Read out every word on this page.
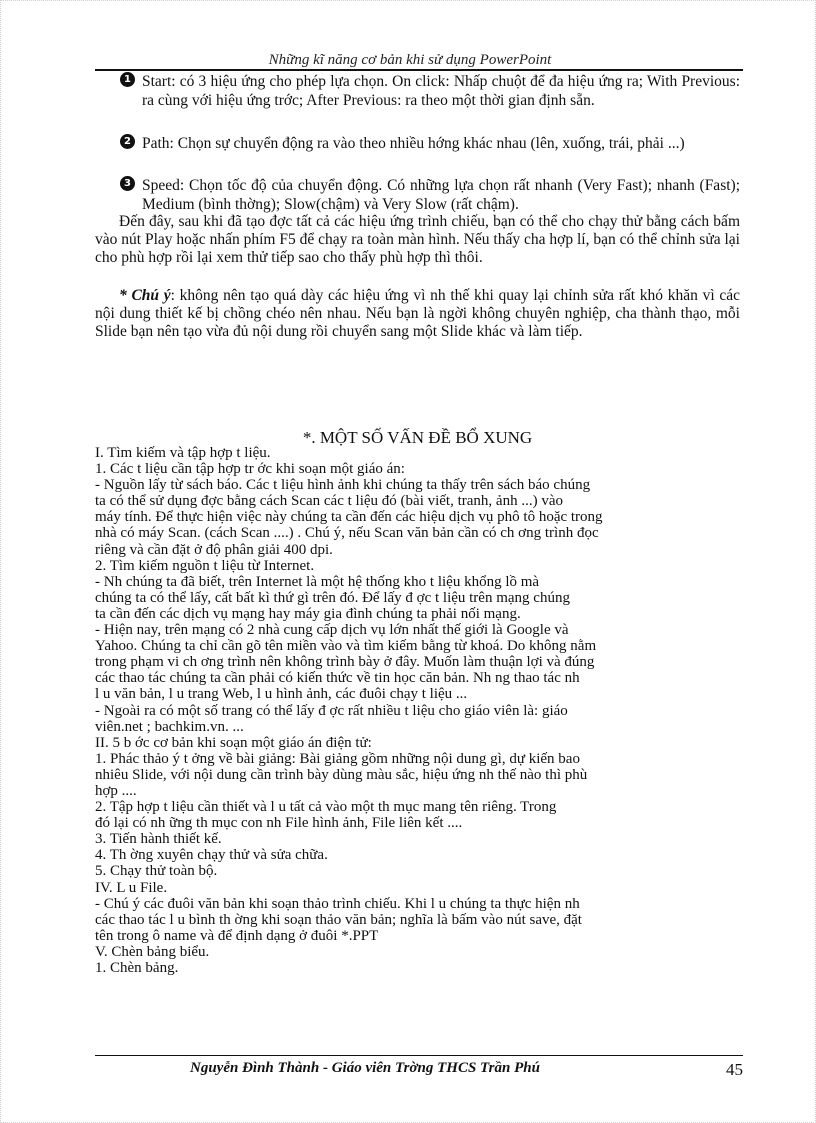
Những kĩ năng cơ bản khi sử dụng PowerPoint
1 Start: có 3 hiệu ứng cho phép lựa chọn. On click: Nhấp chuột để đa hiệu ứng ra; With Previous: ra cùng với hiệu ứng trớc; After Previous: ra theo một thời gian định sẵn.
2 Path: Chọn sự chuyển động ra vào theo nhiều hớng khác nhau (lên, xuống, trái, phải ...)
3 Speed: Chọn tốc độ của chuyển động. Có những lựa chọn rất nhanh (Very Fast); nhanh (Fast); Medium (bình thờng); Slow(chậm) và Very Slow (rất chậm).
Đến đây, sau khi đã tạo đợc tất cả các hiệu ứng trình chiếu, bạn có thể cho chạy thử bằng cách bấm vào nút Play hoặc nhấn phím F5 để chạy ra toàn màn hình. Nếu thấy cha hợp lí, bạn có thể chỉnh sửa lại cho phù hợp rồi lại xem thử tiếp sao cho thấy phù hợp thì thôi.
* Chú ý: không nên tạo quá dày các hiệu ứng vì nh thế khi quay lại chỉnh sửa rất khó khăn vì các nội dung thiết kế bị chồng chéo nên nhau. Nếu bạn là ngời không chuyên nghiệp, cha thành thạo, mỗi Slide bạn nên tạo vừa đủ nội dung rồi chuyển sang một Slide khác và làm tiếp.
*. MỘT SỐ VẤN ĐỀ BỔ XUNG
I. Tìm kiếm và tập hợp t liệu.
1. Các t liệu cần tập hợp tr ớc khi soạn một giáo án:
- Nguồn lấy từ sách báo. Các t liệu hình ảnh khi chúng ta thấy trên sách báo chúng
ta có thể sử dụng đợc bằng cách Scan các t liệu đó (bài viết, tranh, ảnh ...) vào
máy tính. Để thực hiện việc này chúng ta cần đến các hiệu dịch vụ phô tô hoặc trong
nhà có máy Scan. (cách Scan ....) . Chú ý, nếu Scan văn bản cần có ch ơng trình đọc
riêng và cần đặt ở độ phân giải 400 dpi.
2. Tìm kiếm nguồn t liệu từ Internet.
- Nh chúng ta đã biết, trên Internet là một hệ thống kho t liệu khổng lồ mà
chúng ta có thể lấy, cất bất kì thứ gì trên đó. Để lấy đ ợc t liệu trên mạng chúng
ta cần đến các dịch vụ mạng hay máy gia đình chúng ta phải nối mạng.
- Hiện nay, trên mạng có 2 nhà cung cấp dịch vụ lớn nhất thế giới là Google và
Yahoo. Chúng ta chỉ cần gõ tên miền vào và tìm kiếm bằng từ khoá. Do không nằm
trong phạm vi ch ơng trình nên không trình bày ở đây. Muốn làm thuận lợi và đúng
các thao tác chúng ta cần phải có kiến thức về tin học căn bản. Nh ng thao tác nh
l u văn bản, l u trang Web, l u hình ảnh, các đuôi chạy t liệu ...
- Ngoài ra có một số trang có thể lấy đ ợc rất nhiều t liệu cho giáo viên là: giáo
viên.net ; bachkim.vn. ...
II. 5 b ớc cơ bản khi soạn một giáo án điện tử:
1. Phác thảo ý t ởng về bài giảng: Bài giảng gồm những nội dung gì, dự kiến bao
nhiêu Slide, với nội dung cần trình bày dùng màu sắc, hiệu ứng nh thế nào thì phù
hợp ....
2. Tập hợp t liệu cần thiết và l u tất cả vào một th mục mang tên riêng. Trong
đó lại có nh ững th mục con nh File hình ảnh, File liên kết ....
3. Tiến hành thiết kế.
4. Th ờng xuyên chạy thử và sửa chữa.
5. Chạy thử toàn bộ.
IV. L u File.
- Chú ý các đuôi văn bản khi soạn thảo trình chiếu. Khi l u chúng ta thực hiện nh
các thao tác l u bình th ờng khi soạn thảo văn bản; nghĩa là bấm vào nút save, đặt
tên trong ô name và để định dạng ở đuôi *.PPT
V. Chèn bảng biểu.
1. Chèn bảng.
Nguyễn Đình Thành - Giáo viên Trờng THCS Trần Phú	45
